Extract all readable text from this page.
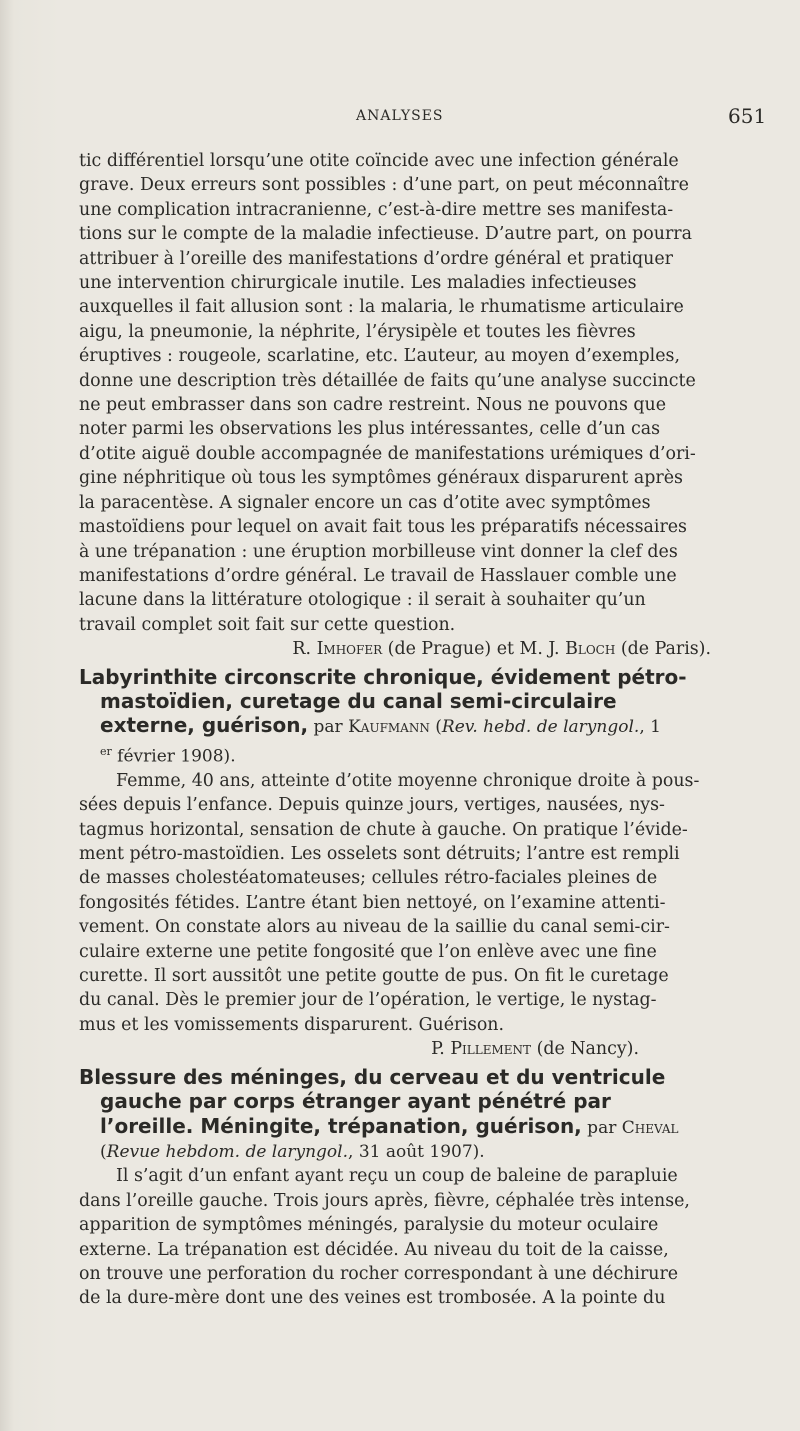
ANALYSES	651

tic différentiel lorsqu’une otite coïncide avec une infection générale

grave. Deux erreurs sont possibles : d’une part, on peut méconnaître

une complication intracranienne, c’est-à-dire mettre ses manifesta-

tions sur le compte de la maladie infectieuse. D’autre part, on pourra

attribuer à l’oreille des manifestations d’ordre général et pratiquer

une intervention chirurgicale inutile. Les maladies infectieuses

auxquelles il fait allusion sont : la malaria, le rhumatisme articulaire

aigu, la pneumonie, la néphrite, l’érysipèle et toutes les fièvres

éruptives : rougeole, scarlatine, etc. L’auteur, au moyen d’exemples,

donne une description très détaillée de faits qu’une analyse succincte

ne peut embrasser dans son cadre restreint. Nous ne pouvons que

noter parmi les observations les plus intéressantes, celle d’un cas

d’otite aiguë double accompagnée de manifestations urémiques d’ori-

gine néphritique où tous les symptômes généraux disparurent après

la paracentèse. A signaler encore un cas d’otite avec symptômes

mastoïdiens pour lequel on avait fait tous les préparatifs nécessaires

à une trépanation : une éruption morbilleuse vint donner la clef des

manifestations d’ordre général. Le travail de Hasslauer comble une

lacune dans la littérature otologique : il serait à souhaiter qu’un

travail complet soit fait sur cette question.

R. Imhofer (de Prague) et M. J. Bloch (de Paris).

Labyrinthite circonscrite chronique, évidement pétro-
mastoïdien, curetage du canal semi-circulaire
externe, guérison, par Kaufmann (Rev. hebd. de laryngol., 1
$^{er}$ février 1908).

Femme, 40 ans, atteinte d’otite moyenne chronique droite à pous-

sées depuis l’enfance. Depuis quinze jours, vertiges, nausées, nys-

tagmus horizontal, sensation de chute à gauche. On pratique l’évide-

ment pétro-mastoïdien. Les osselets sont détruits; l’antre est rempli

de masses cholestéatomateuses; cellules rétro-faciales pleines de

fongosités fétides. L’antre étant bien nettoyé, on l’examine attenti-

vement. On constate alors au niveau de la saillie du canal semi-cir-

culaire externe une petite fongosité que l’on enlève avec une fine

curette. Il sort aussitôt une petite goutte de pus. On fit le curetage

du canal. Dès le premier jour de l’opération, le vertige, le nystag-

mus et les vomissements disparurent. Guérison.

P. Pillement (de Nancy).

Blessure des méninges, du cerveau et du ventricule
gauche par corps étranger ayant pénétré par
l’oreille. Méningite, trépanation, guérison, par Cheval
(Revue hebdom. de laryngol., 31 août 1907).

Il s’agit d’un enfant ayant reçu un coup de baleine de parapluie

dans l’oreille gauche. Trois jours après, fièvre, céphalée très intense,

apparition de symptômes méningés, paralysie du moteur oculaire

externe. La trépanation est décidée. Au niveau du toit de la caisse,

on trouve une perforation du rocher correspondant à une déchirure

de la dure-mère dont une des veines est trombosée. A la pointe du
